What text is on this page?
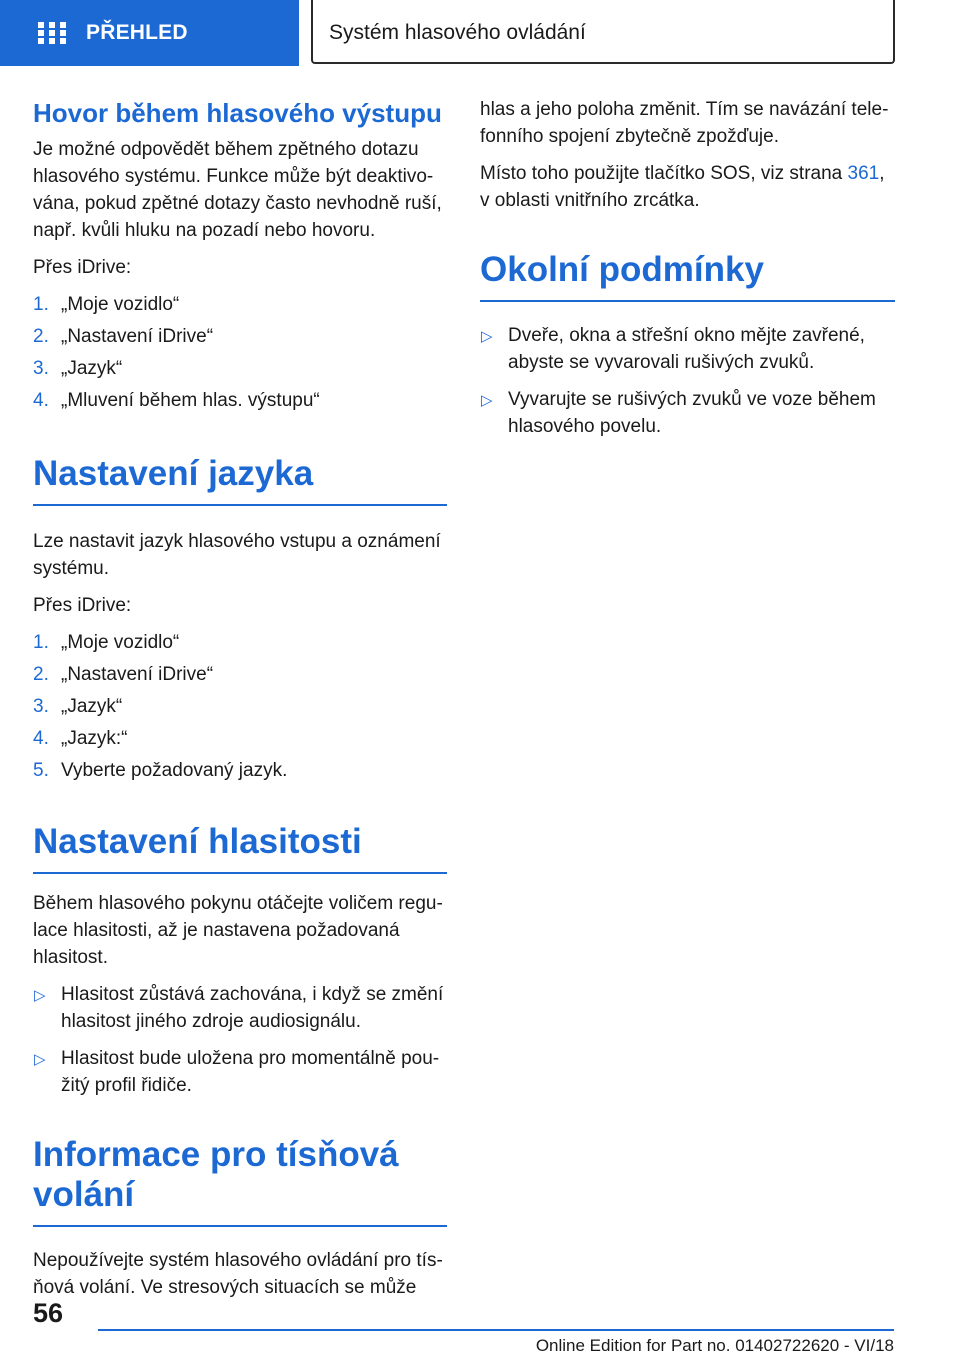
PŘEHLED	Systém hlasového ovládání
Hovor během hlasového výstupu

Je možné odpovědět během zpětného dotazu hlasového systému. Funkce může být deaktivována, pokud zpětné dotazy často nevhodně ruší, např. kvůli hluku na pozadí nebo hovoru.

Přes iDrive:

1. „Moje vozidlo“
2. „Nastavení iDrive“
3. „Jazyk“
4. „Mluvení během hlas. výstupu“
Nastavení jazyka

Lze nastavit jazyk hlasového vstupu a oznámení systému.

Přes iDrive:

1. „Moje vozidlo“
2. „Nastavení iDrive“
3. „Jazyk“
4. „Jazyk:“
5. Vyberte požadovaný jazyk.
Nastavení hlasitosti

Během hlasového pokynu otáčejte voličem regulace hlasitosti, až je nastavena požadovaná hlasitost.

▷ Hlasitost zůstává zachována, i když se změní hlasitost jiného zdroje audiosignálu.
▷ Hlasitost bude uložena pro momentálně použitý profil řidiče.
Informace pro tísňová volání

Nepoužívejte systém hlasového ovládání pro tísňová volání. Ve stresových situacích se může

hlas a jeho poloha změnit. Tím se navázání telefonního spojení zbytečně zpožďuje.

Místo toho použijte tlačítko SOS, viz strana 361, v oblasti vnitřního zrcátka.

Okolní podmínky
▷ Dveře, okna a střešní okno mějte zavřené, abyste se vyvarovali rušivých zvuků.
▷ Vyvarujte se rušivých zvuků ve voze během hlasového povelu.
56
Online Edition for Part no. 01402722620 - VI/18
